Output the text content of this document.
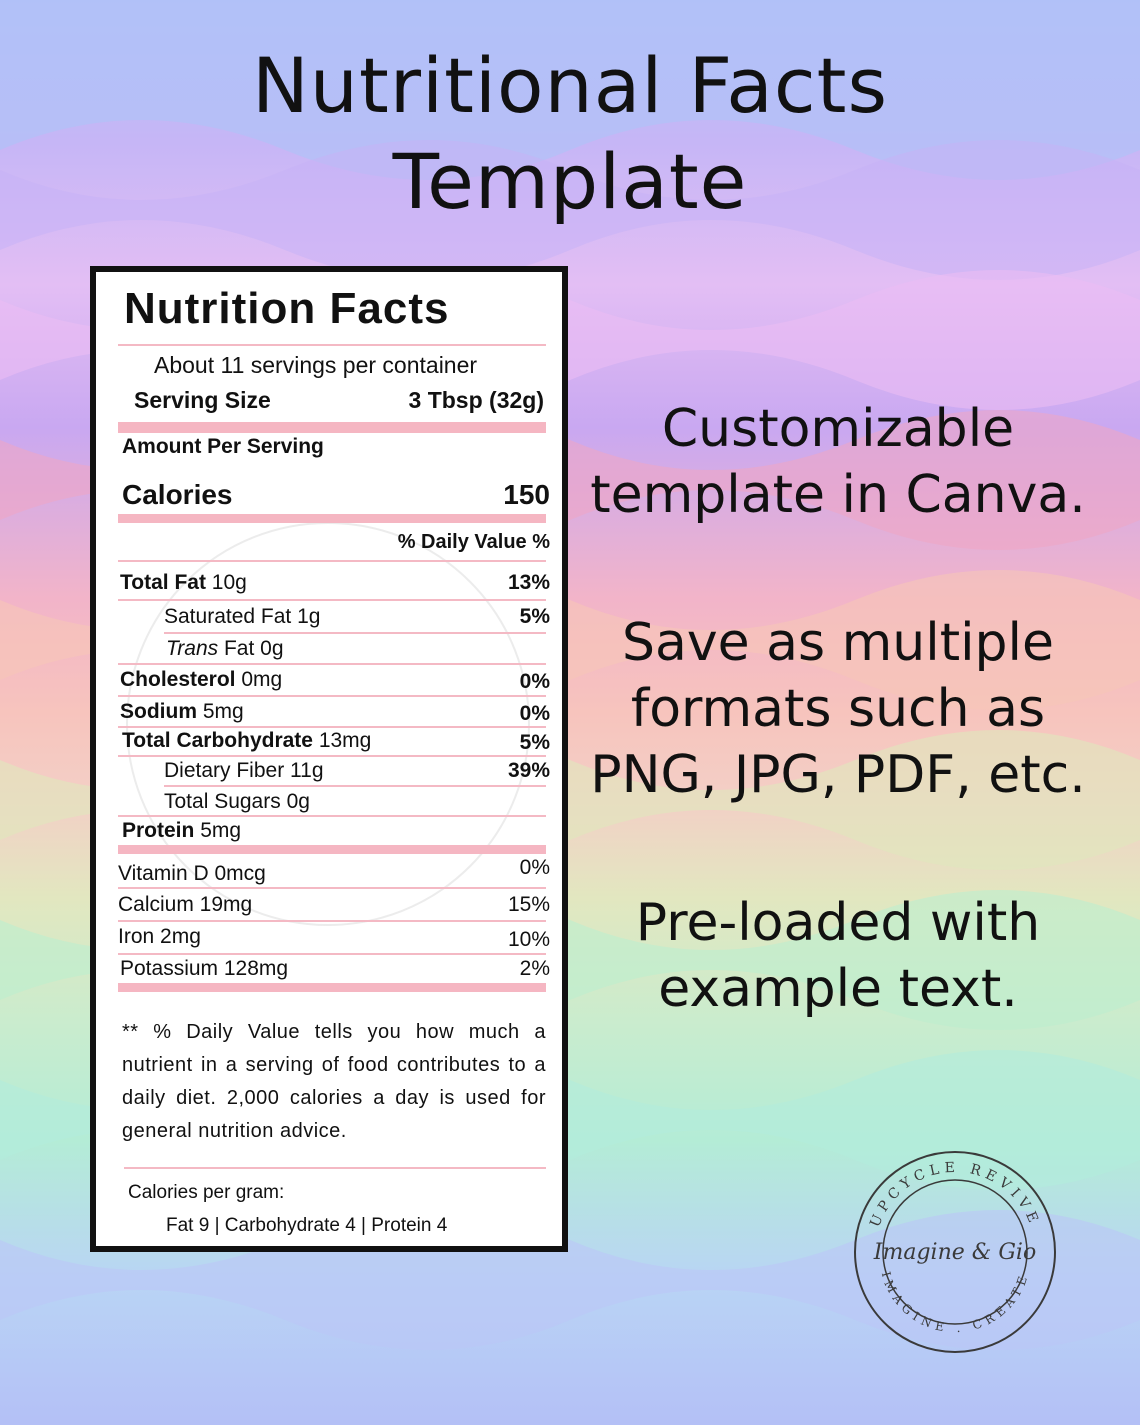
Nutritional Facts
Template
Nutrition Facts
About 11 servings per container
Serving Size	3 Tbsp (32g)
Amount Per Serving
Calories	150
% Daily Value %
Total Fat 10g	13%
Saturated Fat 1g	5%
Trans Fat 0g
Cholesterol 0mg	0%
Sodium 5mg	0%
Total Carbohydrate 13mg	5%
Dietary Fiber 11g	39%
Total Sugars 0g
Protein 5mg
Vitamin D 0mcg	0%
Calcium 19mg	15%
Iron 2mg	10%
Potassium 128mg	2%
** % Daily Value tells you how much a nutrient in a serving of food contributes to a daily diet. 2,000 calories a day is used for general nutrition advice.
Calories per gram:
Fat 9 | Carbohydrate 4 | Protein 4
Customizable
template in Canva.
Save as multiple
formats such as
PNG, JPG, PDF, etc.
Pre-loaded with
example text.
UPCYCLE REVIVE
IMAGINE . CREATE
Imagine & Gio
